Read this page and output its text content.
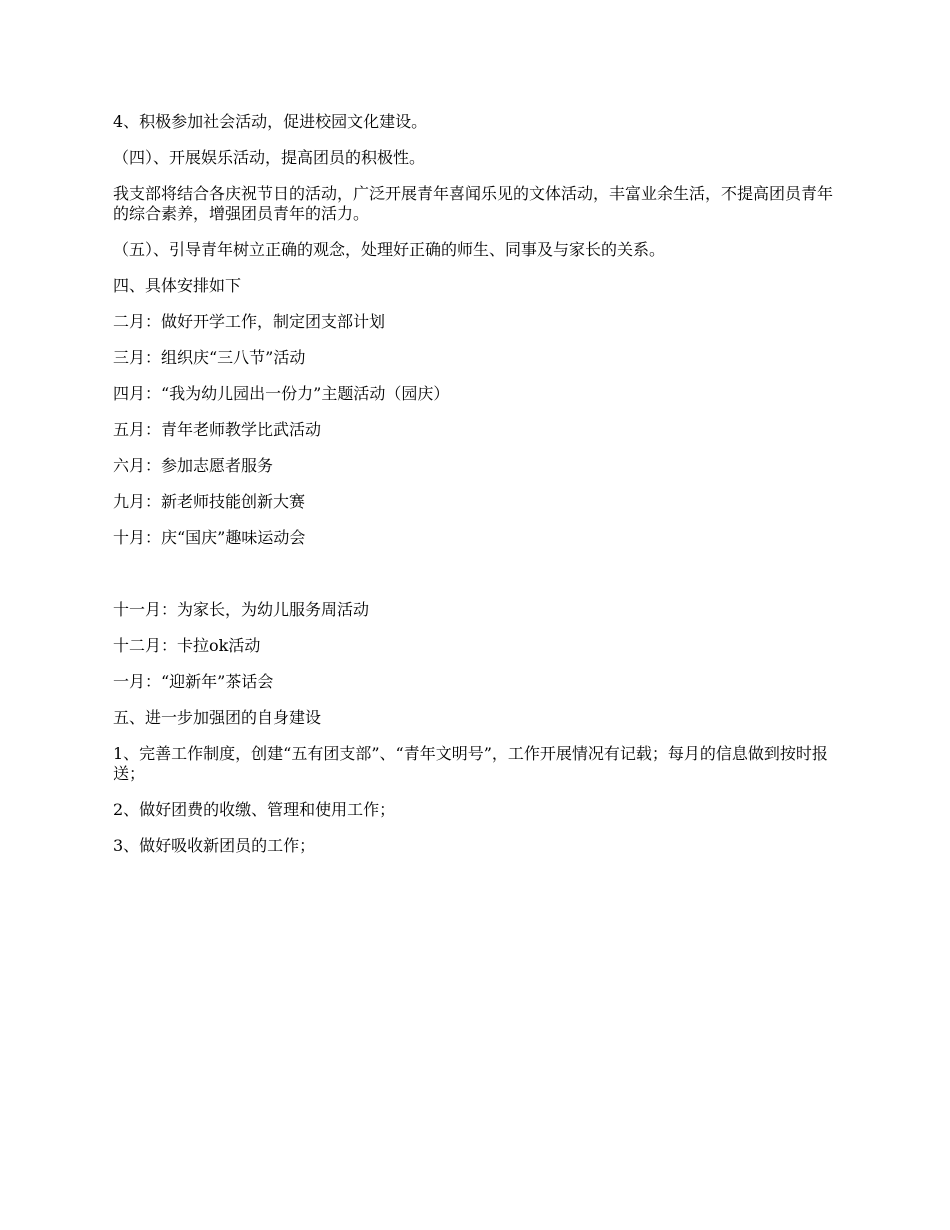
4、积极参加社会活动，促进校园文化建设。

（四）、开展娱乐活动，提高团员的积极性。

我支部将结合各庆祝节日的活动，广泛开展青年喜闻乐见的文体活动，丰富业余生活，不提高团员青年的综合素养，增强团员青年的活力。

（五）、引导青年树立正确的观念，处理好正确的师生、同事及与家长的关系。

四、具体安排如下

二月：做好开学工作，制定团支部计划

三月：组织庆“三八节”活动

四月：“我为幼儿园出一份力”主题活动（园庆）

五月：青年老师教学比武活动

六月：参加志愿者服务

九月：新老师技能创新大赛

十月：庆“国庆”趣味运动会

十一月：为家长，为幼儿服务周活动

十二月：卡拉ok活动

一月：“迎新年”茶话会

五、进一步加强团的自身建设

1、完善工作制度，创建“五有团支部”、“青年文明号”，工作开展情况有记载；每月的信息做到按时报送；

2、做好团费的收缴、管理和使用工作；

3、做好吸收新团员的工作；
